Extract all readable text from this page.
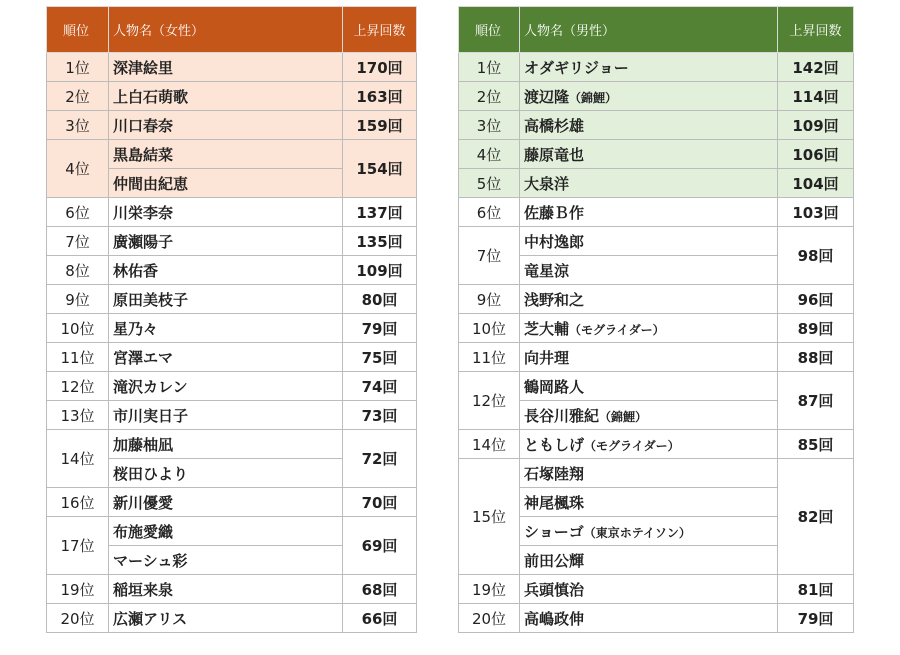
順位	人物名（女性）	上昇回数
1位	深津絵里	170回
2位	上白石萌歌	163回
3位	川口春奈	159回
4位	黒島結菜	154回
	仲間由紀恵	
6位	川栄李奈	137回
7位	廣瀬陽子	135回
8位	林佑香	109回
9位	原田美枝子	80回
10位	星乃々	79回
11位	宮澤エマ	75回
12位	滝沢カレン	74回
13位	市川実日子	73回
14位	加藤柚凪	72回
	桜田ひより	
16位	新川優愛	70回
17位	布施愛織	69回
	マーシュ彩	
19位	稲垣来泉	68回
20位	広瀬アリス	66回
順位	人物名（男性）	上昇回数
1位	オダギリジョー	142回
2位	渡辺隆（錦鯉）	114回
3位	高橋杉雄	109回
4位	藤原竜也	106回
5位	大泉洋	104回
6位	佐藤Ｂ作	103回
7位	中村逸郎	98回
	竜星涼	
9位	浅野和之	96回
10位	芝大輔（モグライダー）	89回
11位	向井理	88回
12位	鶴岡路人	87回
	長谷川雅紀（錦鯉）	
14位	ともしげ（モグライダー）	85回
15位	石塚陸翔	82回
	神尾楓珠	
	ショーゴ（東京ホテイソン）	
	前田公輝	
19位	兵頭慎治	81回
20位	高嶋政伸	79回
